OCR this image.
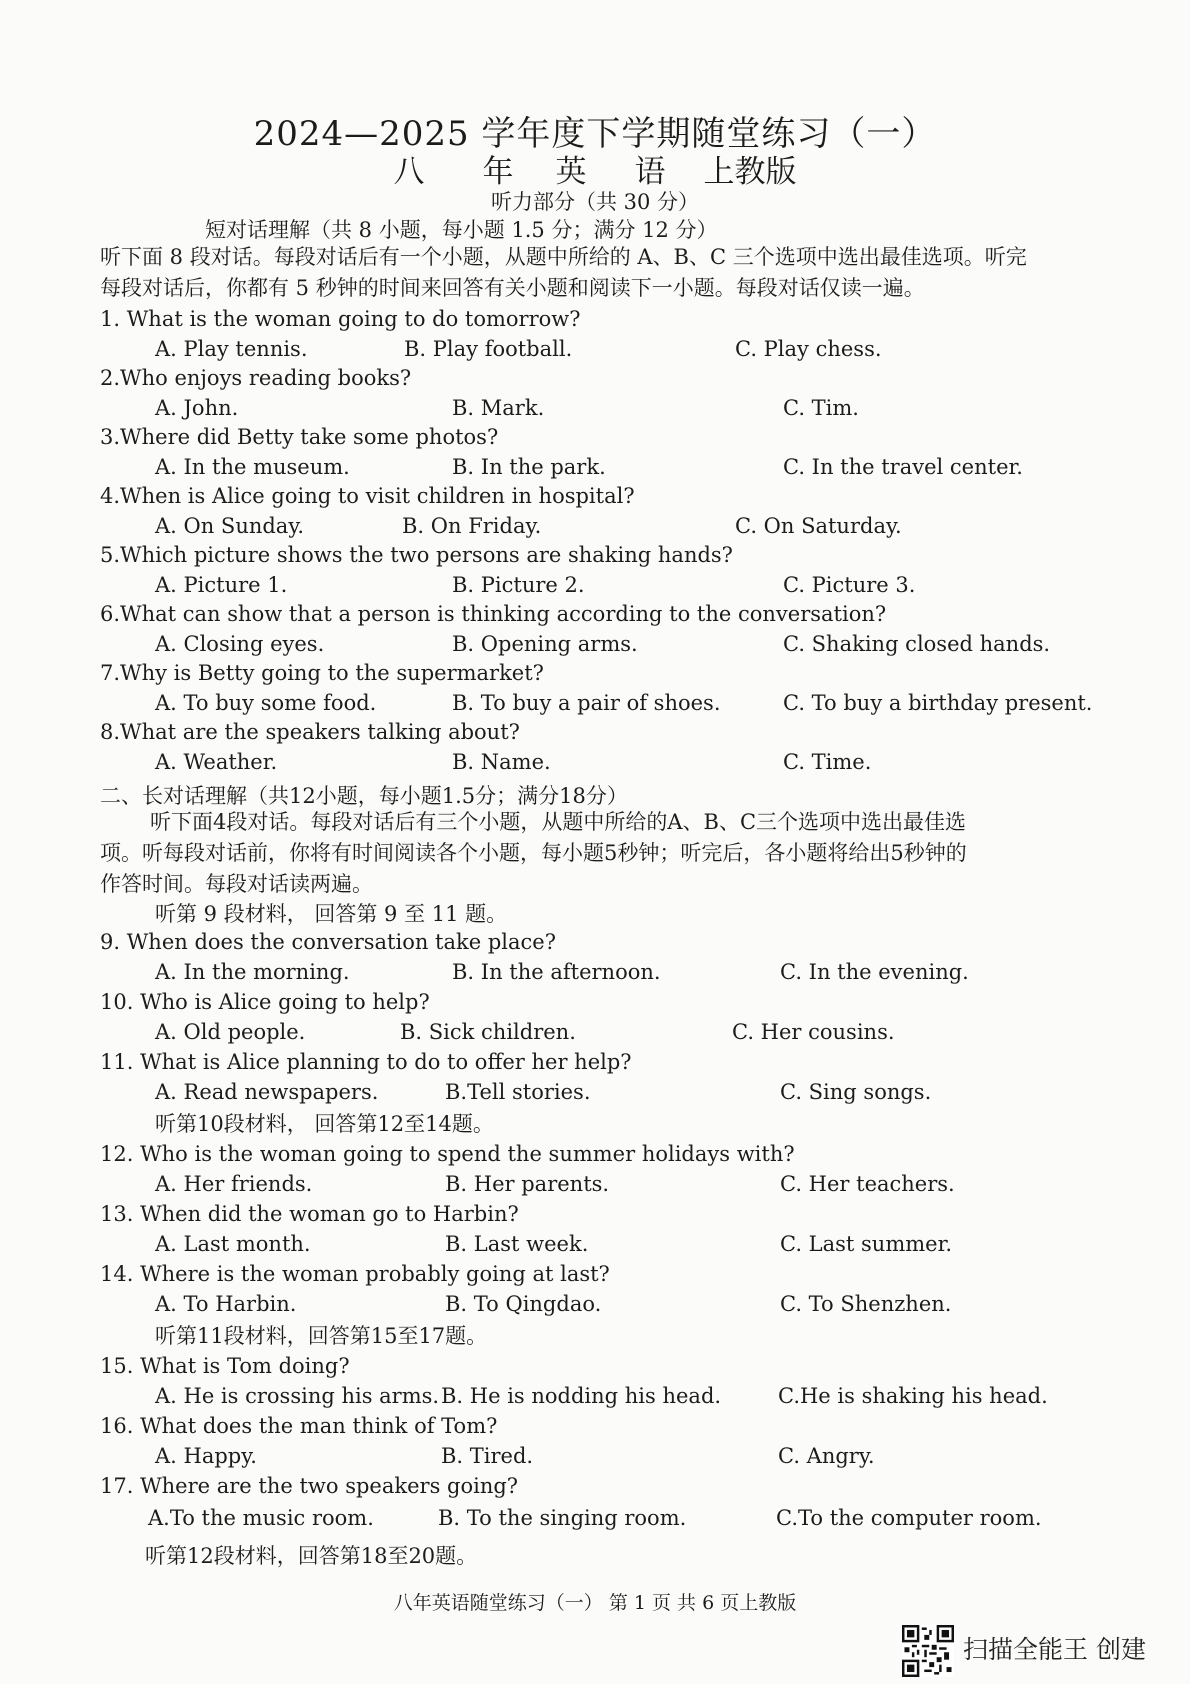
2024—2025 学年度下学期随堂练习（一）
八 年 英 语 上教版
听力部分（共 30 分）
短对话理解（共 8 小题，每小题 1.5 分；满分 12 分）
听下面 8 段对话。每段对话后有一个小题，从题中所给的 A、B、C 三个选项中选出最佳选项。听完
每段对话后，你都有 5 秒钟的时间来回答有关小题和阅读下一小题。每段对话仅读一遍。
1. What is the woman going to do tomorrow?
A. Play tennis.	B. Play football.	C. Play chess.
2.Who enjoys reading books?
A. John.	B. Mark.	C. Tim.
3.Where did Betty take some photos?
A. In the museum.	B. In the park.	C. In the travel center.
4.When is Alice going to visit children in hospital?
A. On Sunday.	B. On Friday.	C. On Saturday.
5.Which picture shows the two persons are shaking hands?
A. Picture 1.	B. Picture 2.	C. Picture 3.
6.What can show that a person is thinking according to the conversation?
A. Closing eyes.	B. Opening arms.	C. Shaking closed hands.
7.Why is Betty going to the supermarket?
A. To buy some food.	B. To buy a pair of shoes.	C. To buy a birthday present.
8.What are the speakers talking about?
A. Weather.	B. Name.	C. Time.
二、长对话理解（共12小题，每小题1.5分；满分18分）
听下面4段对话。每段对话后有三个小题，从题中所给的A、B、C三个选项中选出最佳选
项。听每段对话前，你将有时间阅读各个小题，每小题5秒钟；听完后，各小题将给出5秒钟的
作答时间。每段对话读两遍。
听第 9 段材料， 回答第 9 至 11 题。
9. When does the conversation take place?
A. In the morning.	B. In the afternoon.	C. In the evening.
10. Who is Alice going to help?
A. Old people.	B. Sick children.	C. Her cousins.
11. What is Alice planning to do to offer her help?
A. Read newspapers.	B.Tell stories.	C. Sing songs.
听第10段材料， 回答第12至14题。
12. Who is the woman going to spend the summer holidays with?
A. Her friends.	B. Her parents.	C. Her teachers.
13. When did the woman go to Harbin?
A. Last month.	B. Last week.	C. Last summer.
14. Where is the woman probably going at last?
A. To Harbin.	B. To Qingdao.	C. To Shenzhen.
听第11段材料，回答第15至17题。
15. What is Tom doing?
A. He is crossing his arms. B. He is nodding his head.	C.He is shaking his head.
16. What does the man think of Tom?
A. Happy.	B. Tired.	C. Angry.
17. Where are the two speakers going?
A.To the music room.	B. To the singing room.	C.To the computer room.
听第12段材料，回答第18至20题。
八年英语随堂练习（一） 第 1 页 共 6 页上教版
扫描全能王 创建
